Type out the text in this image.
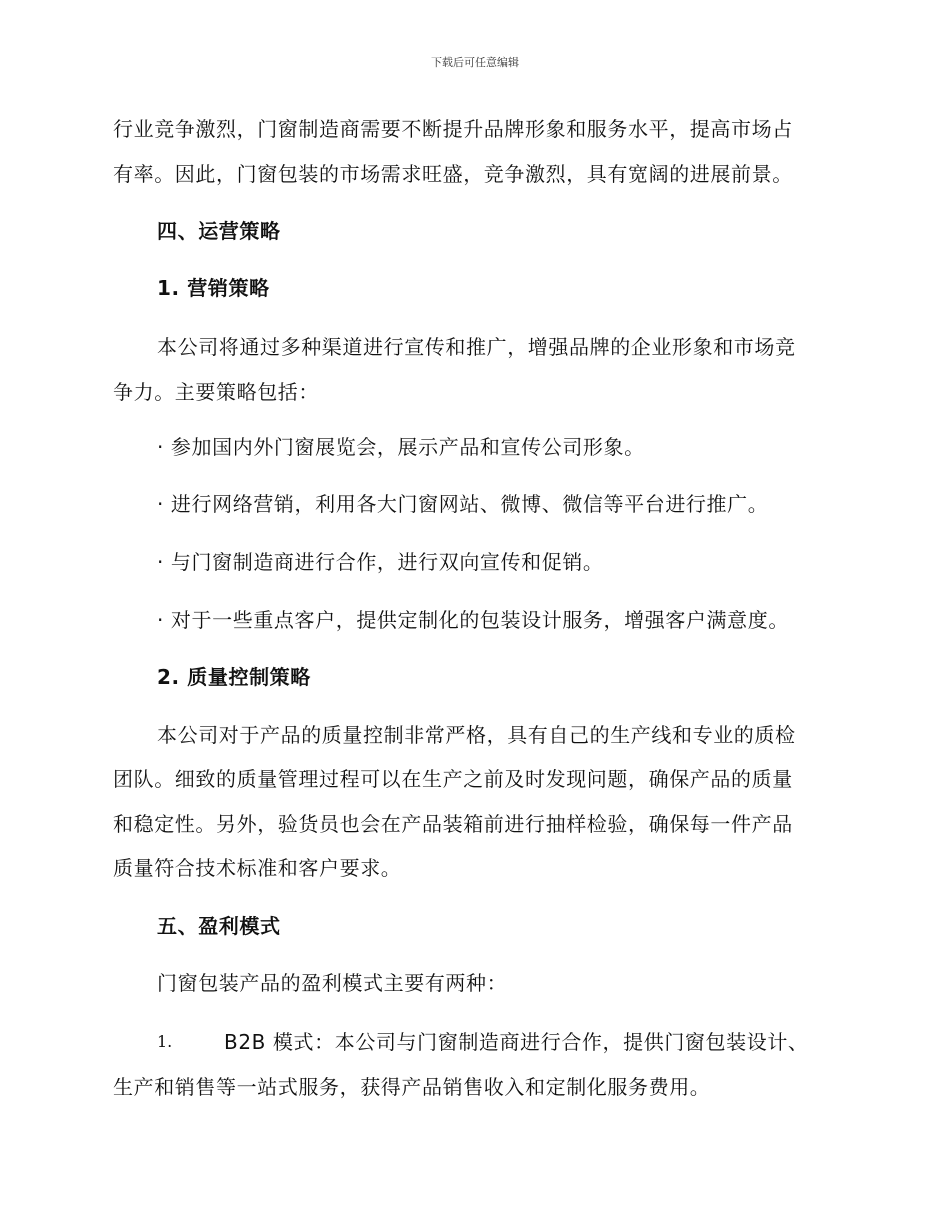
下载后可任意编辑
行业竞争激烈，门窗制造商需要不断提升品牌形象和服务水平，提高市场占
有率。因此，门窗包装的市场需求旺盛，竞争激烈，具有宽阔的进展前景。
四、运营策略
1. 营销策略
本公司将通过多种渠道进行宣传和推广，增强品牌的企业形象和市场竞
争力。主要策略包括：
· 参加国内外门窗展览会，展示产品和宣传公司形象。
· 进行网络营销，利用各大门窗网站、微博、微信等平台进行推广。
· 与门窗制造商进行合作，进行双向宣传和促销。
· 对于一些重点客户，提供定制化的包装设计服务，增强客户满意度。
2. 质量控制策略
本公司对于产品的质量控制非常严格，具有自己的生产线和专业的质检
团队。细致的质量管理过程可以在生产之前及时发现问题，确保产品的质量
和稳定性。另外，验货员也会在产品装箱前进行抽样检验，确保每一件产品
质量符合技术标准和客户要求。
五、盈利模式
门窗包装产品的盈利模式主要有两种：
1.	B2B 模式：本公司与门窗制造商进行合作，提供门窗包装设计、
生产和销售等一站式服务，获得产品销售收入和定制化服务费用。
